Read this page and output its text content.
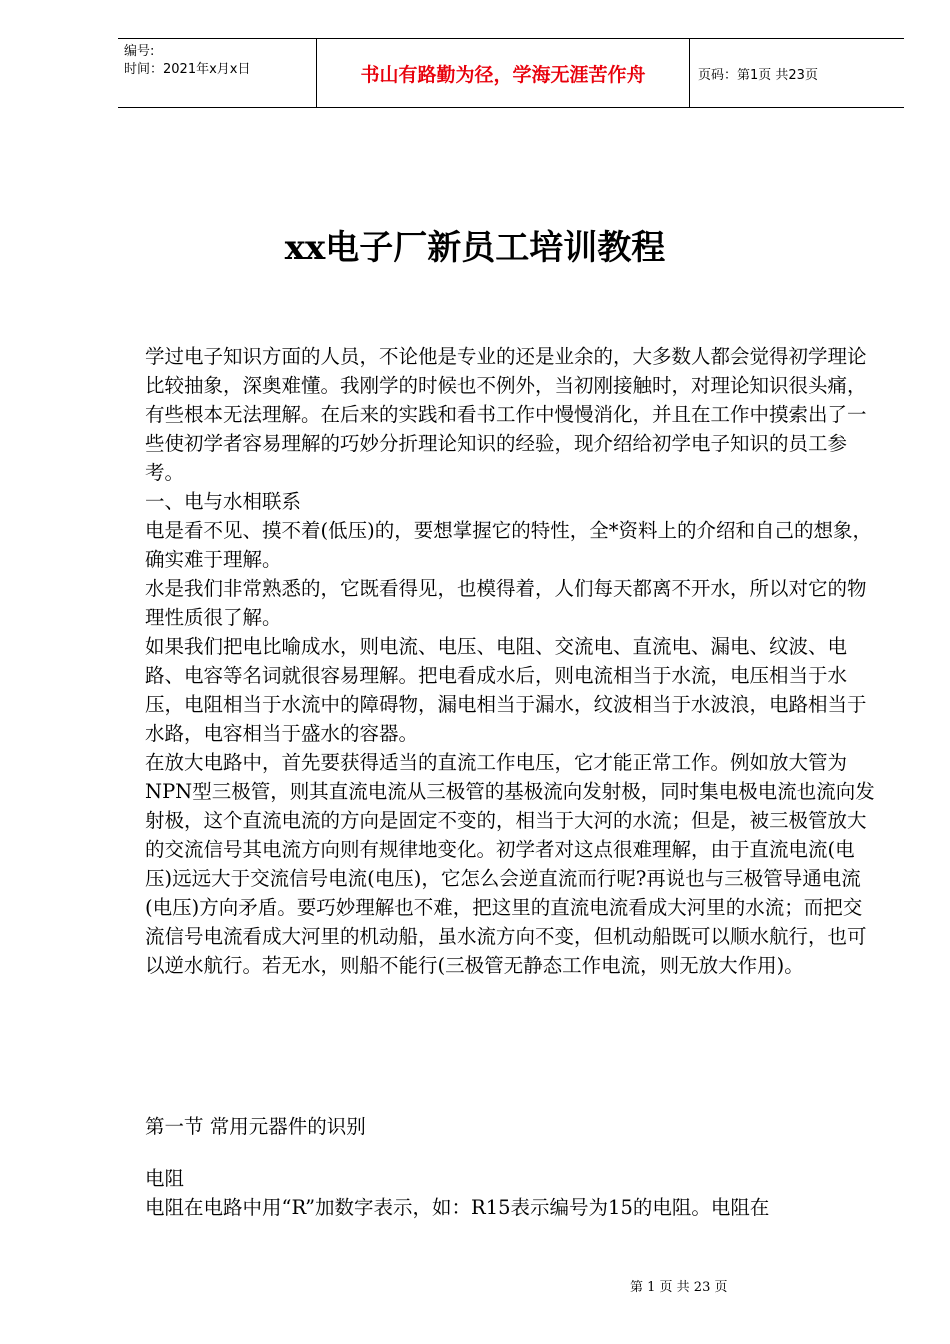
编号:
时间：2021年x月x日	书山有路勤为径，学海无涯苦作舟	页码：第1页 共23页
xx电子厂新员工培训教程

学过电子知识方面的人员，不论他是专业的还是业余的，大多数人都会觉得初学理论比较抽象，深奥难懂。我刚学的时候也不例外，当初刚接触时，对理论知识很头痛，有些根本无法理解。在后来的实践和看书工作中慢慢消化，并且在工作中摸索出了一些使初学者容易理解的巧妙分折理论知识的经验，现介绍给初学电子知识的员工参考。

一、电与水相联系

电是看不见、摸不着(低压)的，要想掌握它的特性，全*资料上的介绍和自己的想象，确实难于理解。

水是我们非常熟悉的，它既看得见，也模得着，人们每天都离不开水，所以对它的物理性质很了解。

如果我们把电比喻成水，则电流、电压、电阻、交流电、直流电、漏电、纹波、电路、电容等名词就很容易理解。把电看成水后，则电流相当于水流，电压相当于水压，电阻相当于水流中的障碍物，漏电相当于漏水，纹波相当于水波浪，电路相当于水路，电容相当于盛水的容器。

在放大电路中，首先要获得适当的直流工作电压，它才能正常工作。例如放大管为NPN型三极管，则其直流电流从三极管的基极流向发射极，同时集电极电流也流向发射极，这个直流电流的方向是固定不变的，相当于大河的水流；但是，被三极管放大的交流信号其电流方向则有规律地变化。初学者对这点很难理解，由于直流电流(电压)远远大于交流信号电流(电压)，它怎么会逆直流而行呢?再说也与三极管导通电流(电压)方向矛盾。要巧妙理解也不难，把这里的直流电流看成大河里的水流；而把交流信号电流看成大河里的机动船，虽水流方向不变，但机动船既可以顺水航行，也可以逆水航行。若无水，则船不能行(三极管无静态工作电流，则无放大作用)。

第一节 常用元器件的识别

电阻

电阻在电路中用“R”加数字表示，如：R15表示编号为15的电阻。电阻在

第 1 页 共 23 页
